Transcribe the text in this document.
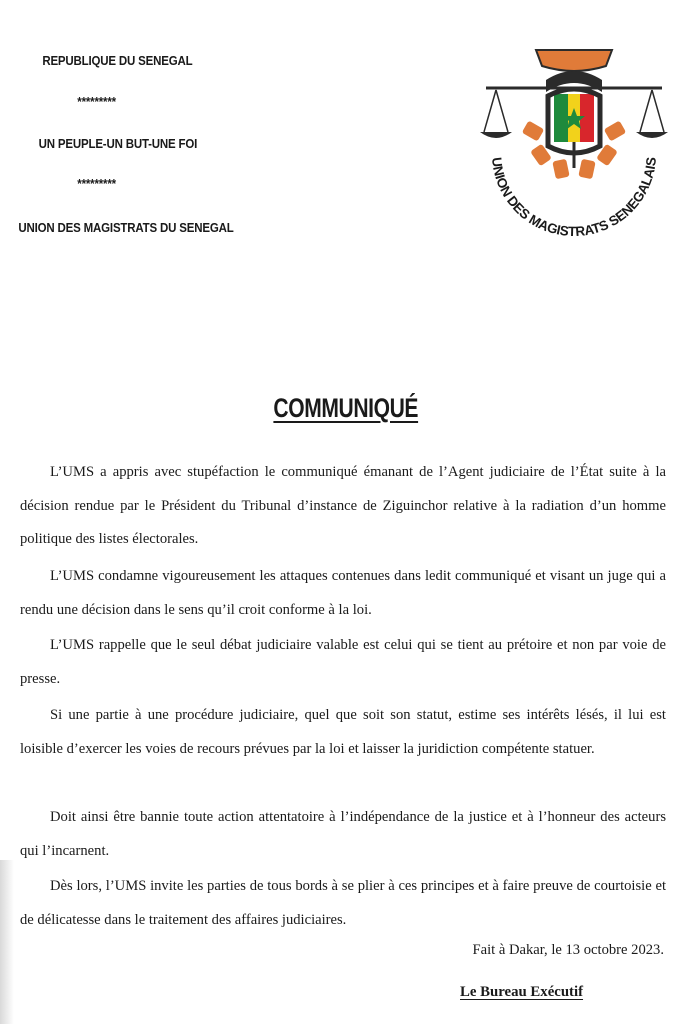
REPUBLIQUE DU SENEGAL
*********
UN PEUPLE-UN BUT-UNE FOI
*********
UNION DES MAGISTRATS DU SENEGAL
UNION DES MAGISTRATS SENEGALAIS
COMMUNIQUÉ

L’UMS a appris avec stupéfaction le communiqué émanant de l’Agent judiciaire de l’État suite à la décision rendue par le Président du Tribunal d’instance de Ziguinchor relative à la radiation d’un homme politique des listes électorales.

L’UMS condamne vigoureusement les attaques contenues dans ledit communiqué et visant un juge qui a rendu une décision dans le sens qu’il croit conforme à la loi.

L’UMS rappelle que le seul débat judiciaire valable est celui qui se tient au prétoire et non par voie de presse.

Si une partie à une procédure judiciaire, quel que soit son statut, estime ses intérêts lésés, il lui est loisible d’exercer les voies de recours prévues par la loi et laisser la juridiction compétente statuer.

Doit ainsi être bannie toute action attentatoire à l’indépendance de la justice et à l’honneur des acteurs qui l’incarnent.

Dès lors, l’UMS invite les parties de tous bords à se plier à ces principes et à faire preuve de courtoisie et de délicatesse dans le traitement des affaires judiciaires.

Fait à Dakar, le 13 octobre 2023.
Le Bureau Exécutif
